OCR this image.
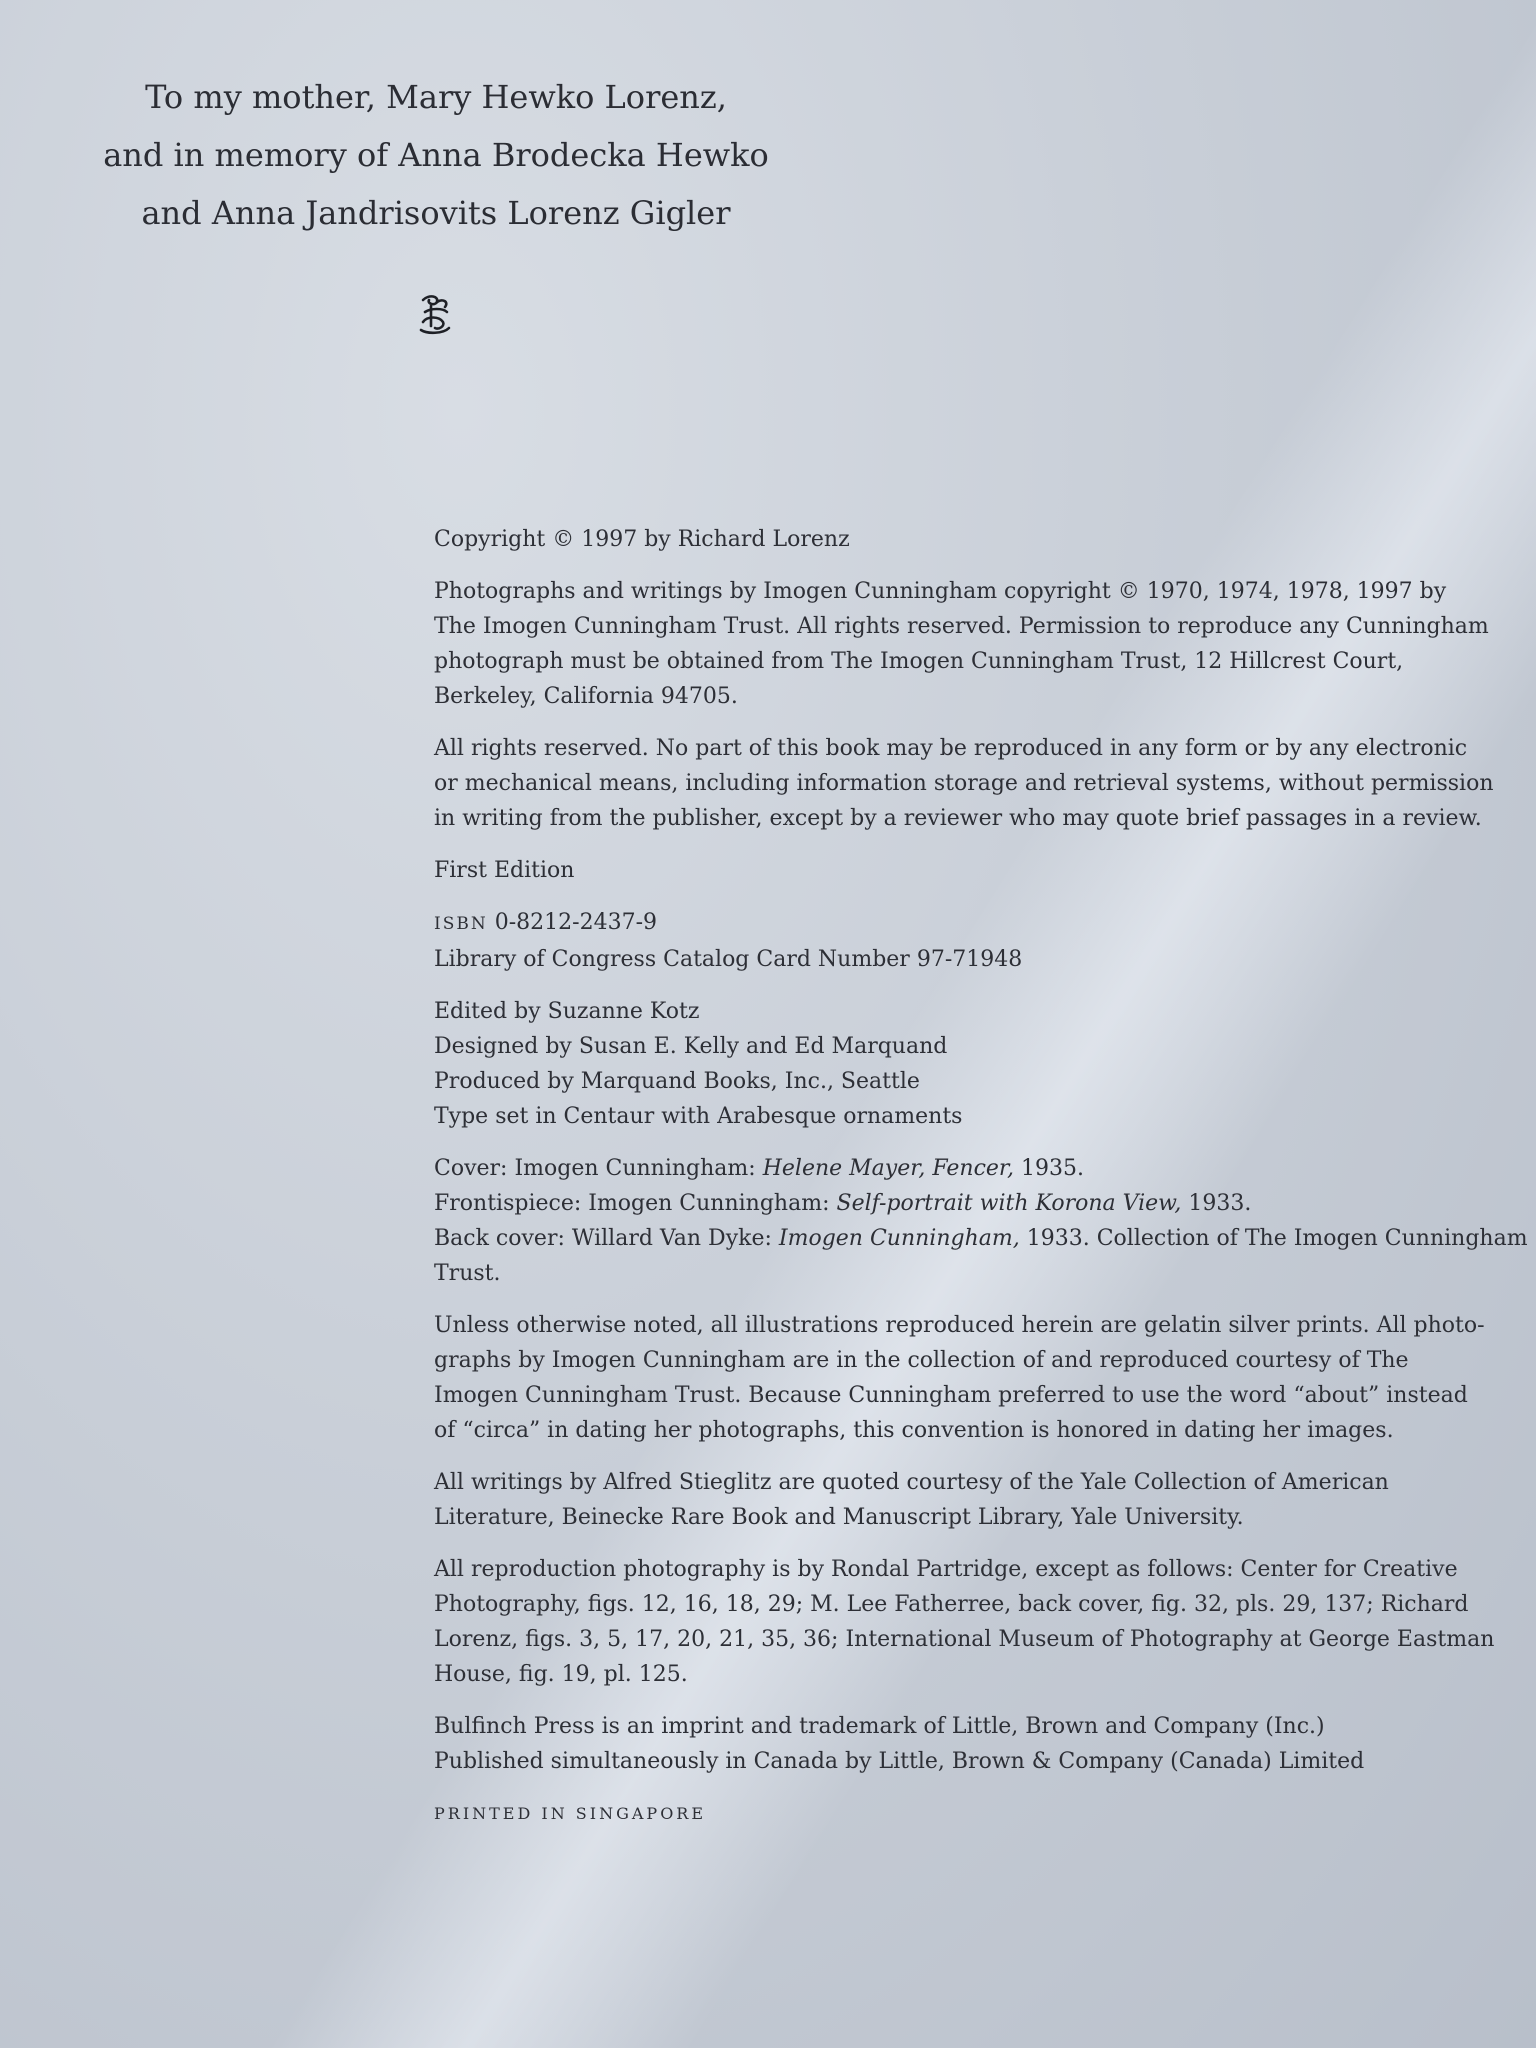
To my mother, Mary Hewko Lorenz,
and in memory of Anna Brodecka Hewko
and Anna Jandrisovits Lorenz Gigler

Copyright © 1997 by Richard Lorenz

Photographs and writings by Imogen Cunningham copyright © 1970, 1974, 1978, 1997 by
The Imogen Cunningham Trust. All rights reserved. Permission to reproduce any Cunningham
photograph must be obtained from The Imogen Cunningham Trust, 12 Hillcrest Court,
Berkeley, California 94705.

All rights reserved. No part of this book may be reproduced in any form or by any electronic
or mechanical means, including information storage and retrieval systems, without permission
in writing from the publisher, except by a reviewer who may quote brief passages in a review.

First Edition

ISBN 0-8212-2437-9
Library of Congress Catalog Card Number 97-71948

Edited by Suzanne Kotz
Designed by Susan E. Kelly and Ed Marquand
Produced by Marquand Books, Inc., Seattle
Type set in Centaur with Arabesque ornaments

Cover: Imogen Cunningham: Helene Mayer, Fencer, 1935.
Frontispiece: Imogen Cunningham: Self-portrait with Korona View, 1933.
Back cover: Willard Van Dyke: Imogen Cunningham, 1933. Collection of The Imogen Cunningham
Trust.

Unless otherwise noted, all illustrations reproduced herein are gelatin silver prints. All photo-
graphs by Imogen Cunningham are in the collection of and reproduced courtesy of The
Imogen Cunningham Trust. Because Cunningham preferred to use the word “about” instead
of “circa” in dating her photographs, this convention is honored in dating her images.

All writings by Alfred Stieglitz are quoted courtesy of the Yale Collection of American
Literature, Beinecke Rare Book and Manuscript Library, Yale University.

All reproduction photography is by Rondal Partridge, except as follows: Center for Creative
Photography, figs. 12, 16, 18, 29; M. Lee Fatherree, back cover, fig. 32, pls. 29, 137; Richard
Lorenz, figs. 3, 5, 17, 20, 21, 35, 36; International Museum of Photography at George Eastman
House, fig. 19, pl. 125.

Bulfinch Press is an imprint and trademark of Little, Brown and Company (Inc.)
Published simultaneously in Canada by Little, Brown & Company (Canada) Limited

PRINTED IN SINGAPORE
